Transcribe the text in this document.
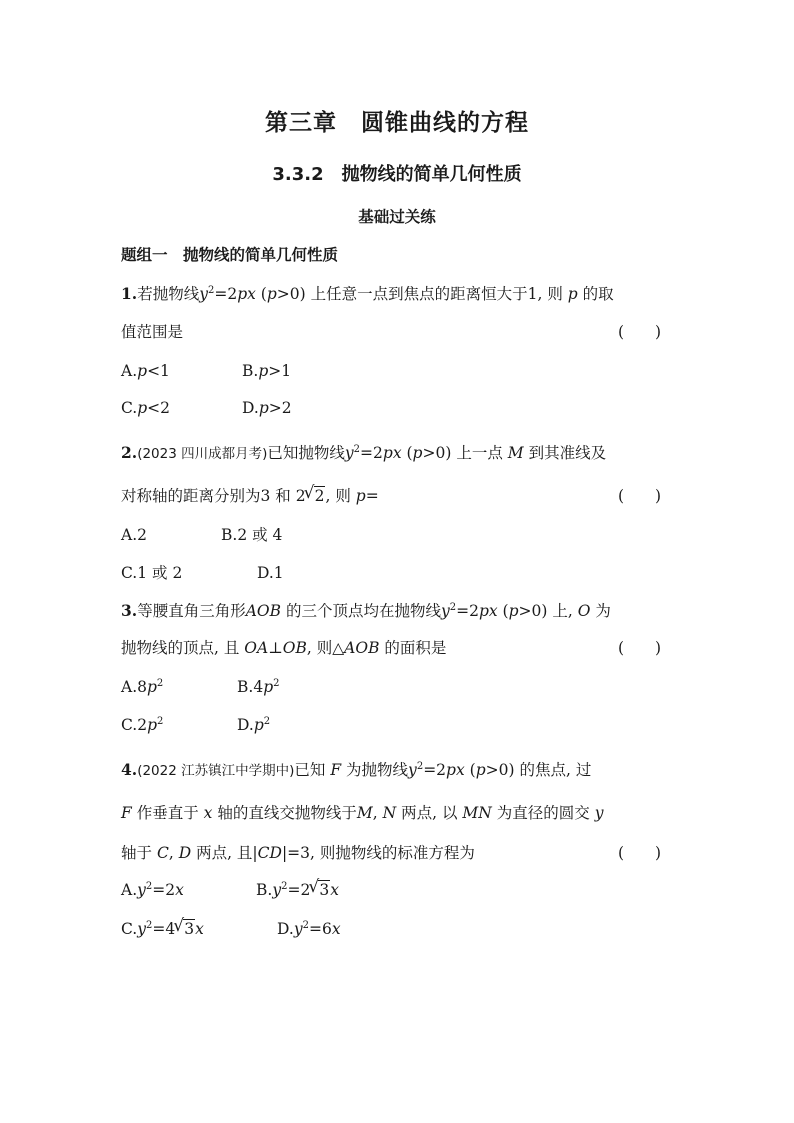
第三章　圆锥曲线的方程
3.3.2　抛物线的简单几何性质
基础过关练
题组一　抛物线的简单几何性质
1.若抛物线$y^2=2px$ (p>0) 上任意一点到焦点的距离恒大于1, 则 p 的取
值范围是	(　　)
A.p<1	B.p>1
C.p<2	D.p>2
2.(2023 四川成都月考)已知抛物线$y^2=2px$ (p>0) 上一点 M 到其准线及
对称轴的距离分别为3 和 2√ 2, 则 p=	(　　)
A.2	B.2 或 4
C.1 或 2	D.1
3.等腰直角三角形AOB 的三个顶点均在抛物线$y^2=2px$ (p>0) 上, O 为
抛物线的顶点, 且 OA⊥OB, 则△AOB 的面积是	(　　)
$A.8p^2$	$B.4p^2$
$C.2p^2$	$D.p^2$
4.(2022 江苏镇江中学期中)已知 F 为抛物线$y^2=2px$ (p>0) 的焦点, 过
F 作垂直于 x 轴的直线交抛物线于M, N 两点, 以 MN 为直径的圆交 y
轴于 C, D 两点, 且|CD|=3, 则抛物线的标准方程为	(　　)
$A.y^2=2x$	$B.y^2=2√$ 3x
$C.y^2=4√$ 3x	$D.y^2=6x$
